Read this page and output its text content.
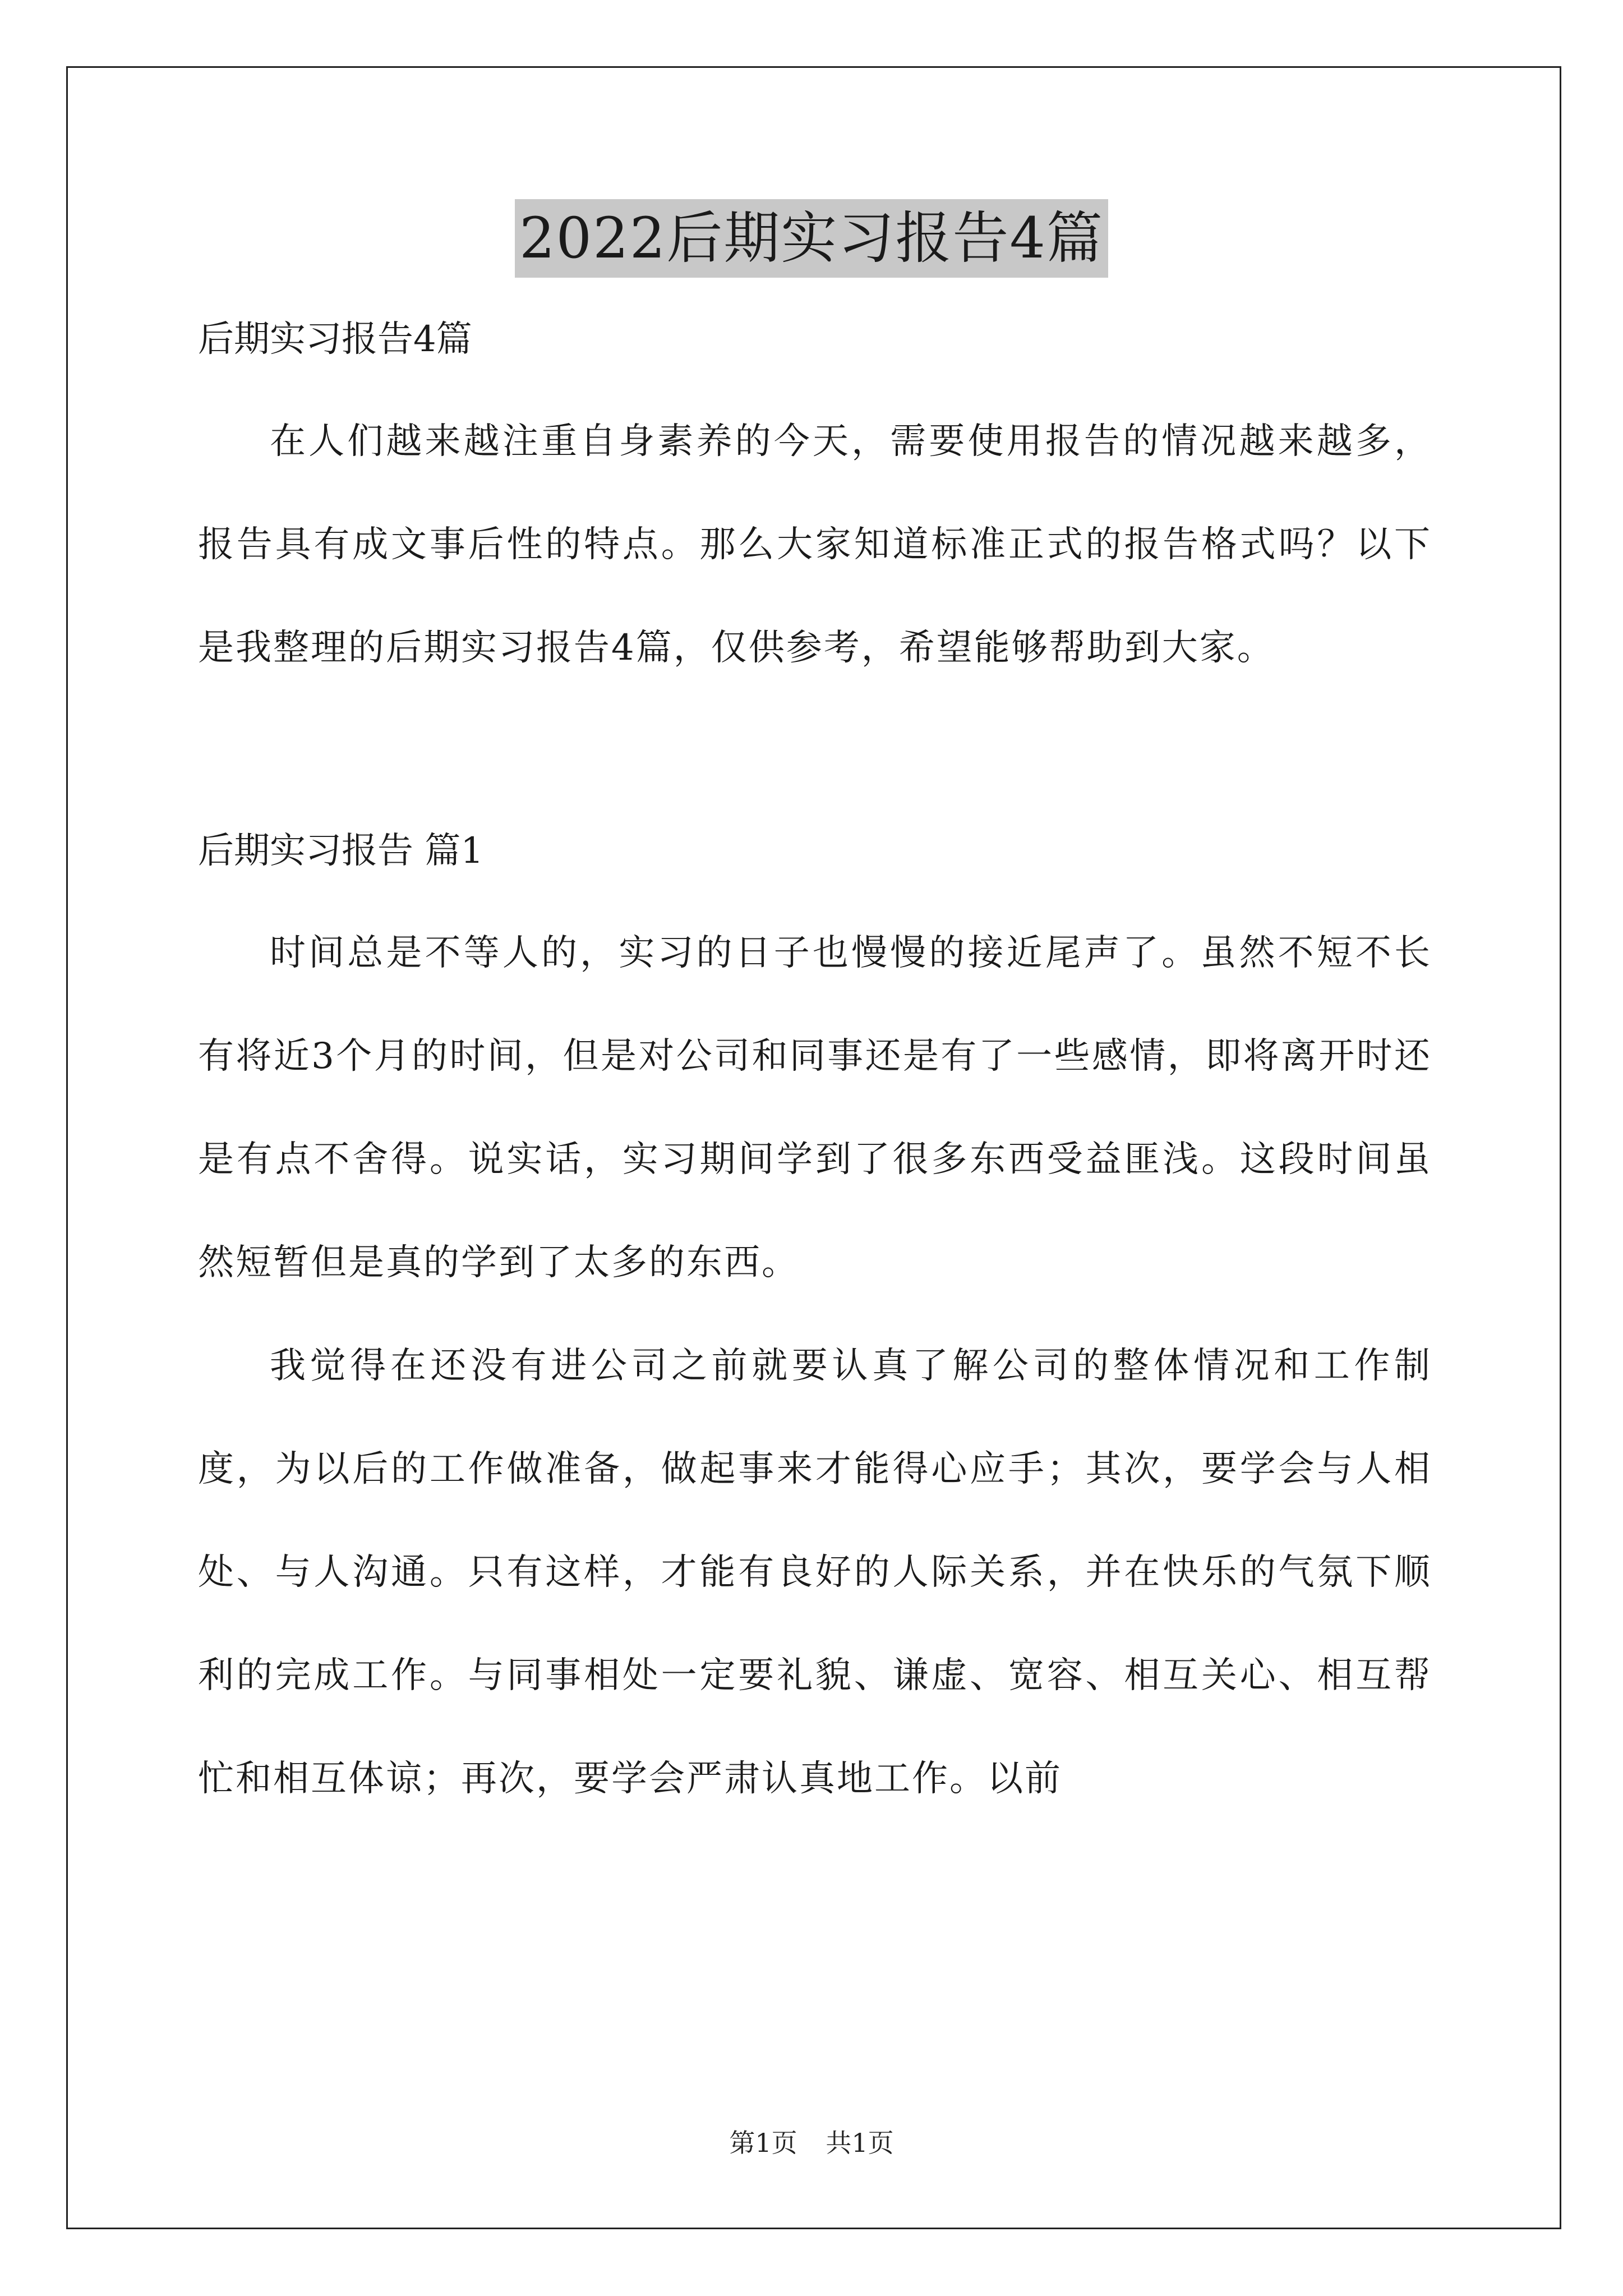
2022后期实习报告4篇

后期实习报告4篇

在人们越来越注重自身素养的今天，需要使用报告的情况越来越多，报告具有成文事后性的特点。那么大家知道标准正式的报告格式吗？以下是我整理的后期实习报告4篇，仅供参考，希望能够帮助到大家。

后期实习报告 篇1

时间总是不等人的，实习的日子也慢慢的接近尾声了。虽然不短不长有将近3个月的时间，但是对公司和同事还是有了一些感情，即将离开时还是有点不舍得。说实话，实习期间学到了很多东西受益匪浅。这段时间虽然短暂但是真的学到了太多的东西。

我觉得在还没有进公司之前就要认真了解公司的整体情况和工作制度，为以后的工作做准备，做起事来才能得心应手；其次，要学会与人相处、与人沟通。只有这样，才能有良好的人际关系，并在快乐的气氛下顺利的完成工作。与同事相处一定要礼貌、谦虚、宽容、相互关心、相互帮忙和相互体谅；再次，要学会严肃认真地工作。以前

第1页 共1页
